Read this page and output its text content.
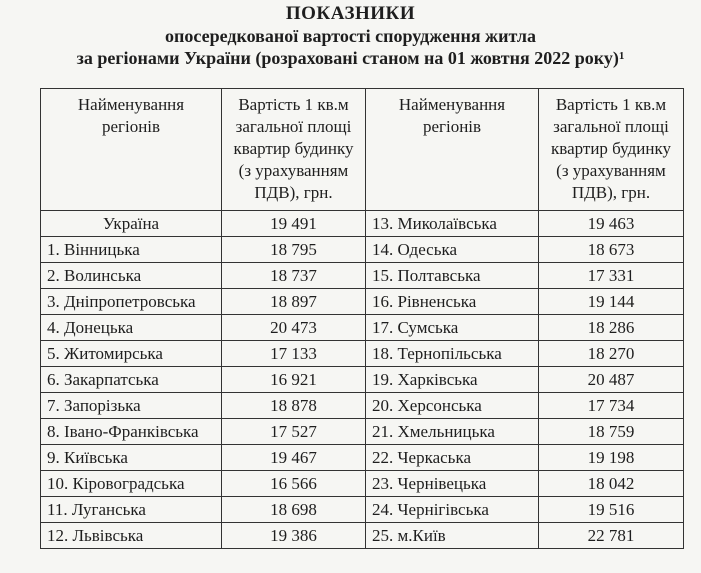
ПОКАЗНИКИ
опосередкованої вартості спорудження житла
за регіонами України (розраховані станом на 01 жовтня 2022 року)$^1$
Найменування
регіонів	Вартість 1 кв.м
загальної площі
квартир будинку
(з урахуванням
ПДВ), грн.	Найменування
регіонів	Вартість 1 кв.м
загальної площі
квартир будинку
(з урахуванням
ПДВ), грн.

Україна	19 491	13. Миколаївська	19 463
1. Вінницька	18 795	14. Одеська	18 673
2. Волинська	18 737	15. Полтавська	17 331
3. Дніпропетровська	18 897	16. Рівненська	19 144
4. Донецька	20 473	17. Сумська	18 286
5. Житомирська	17 133	18. Тернопільська	18 270
6. Закарпатська	16 921	19. Харківська	20 487
7. Запорізька	18 878	20. Херсонська	17 734
8. Івано-Франківська	17 527	21. Хмельницька	18 759
9. Київська	19 467	22. Черкаська	19 198
10. Кіровоградська	16 566	23. Чернівецька	18 042
11. Луганська	18 698	24. Чернігівська	19 516
12. Львівська	19 386	25. м.Київ	22 781
